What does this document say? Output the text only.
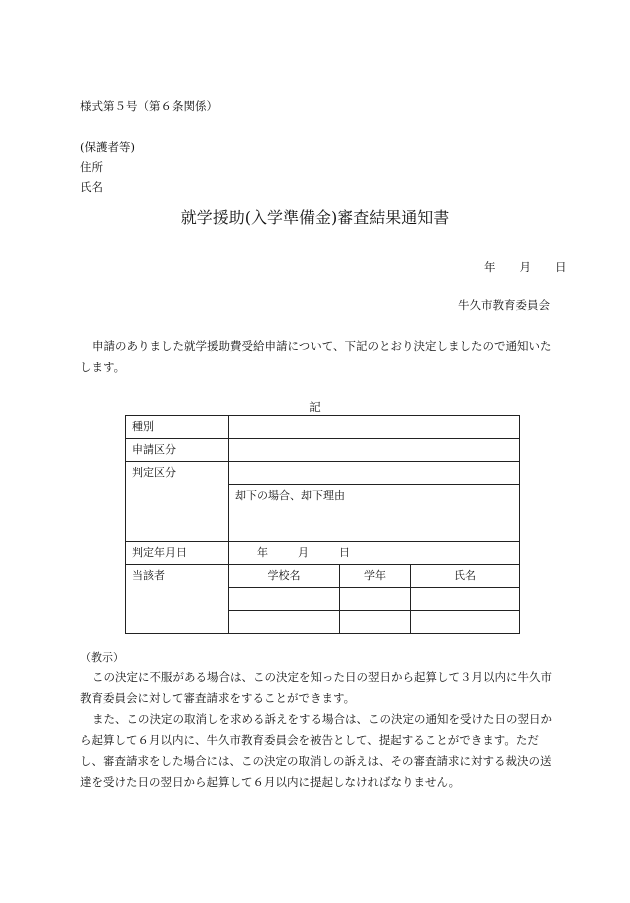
様式第５号（第６条関係）
(保護者等)
住所
氏名
就学援助(入学準備金)審査結果通知書
年 月 日
牛久市教育委員会
申請のありました就学援助費受給申請について、下記のとおり決定しましたので通知いたします。
記
種別			
申請区分			
判定区分			
	却下の場合、却下理由		
判定年月日	年 月 日		
当該者	学校名	学年	氏名

（教示）
この決定に不服がある場合は、この決定を知った日の翌日から起算して３月以内に牛久市教育委員会に対して審査請求をすることができます。
また、この決定の取消しを求める訴えをする場合は、この決定の通知を受けた日の翌日から起算して６月以内に、牛久市教育委員会を被告として、提起することができます。ただし、審査請求をした場合には、この決定の取消しの訴えは、その審査請求に対する裁決の送達を受けた日の翌日から起算して６月以内に提起しなければなりません。
